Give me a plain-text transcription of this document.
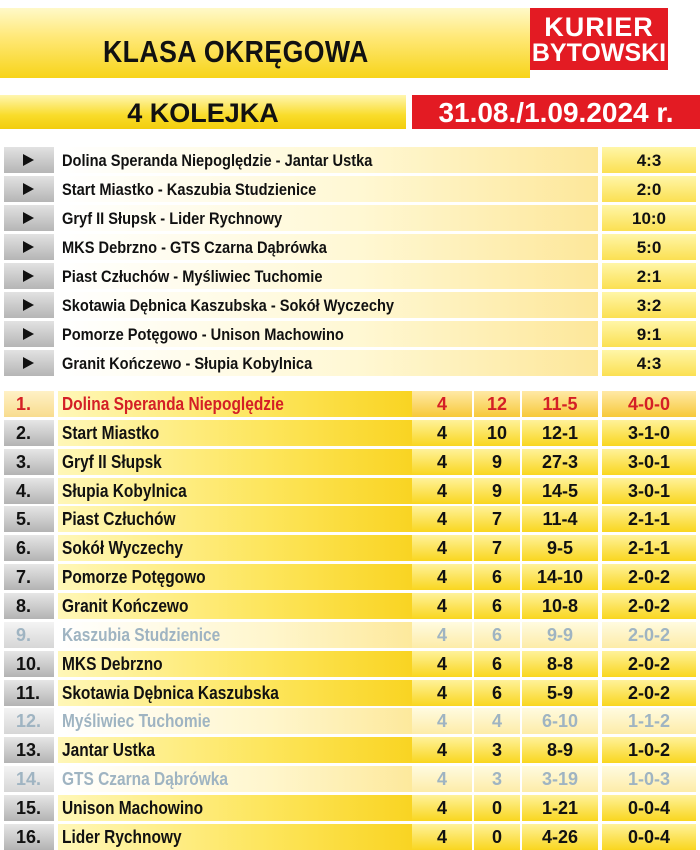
KLASA OKRĘGOWA
KURIER
BYTOWSKI
4 KOLEJKA	31.08./1.09.2024 r.
Dolina Speranda Niepoględzie - Jantar Ustka	4:3
Start Miastko - Kaszubia Studzienice	2:0
Gryf II Słupsk - Lider Rychnowy	10:0
MKS Debrzno - GTS Czarna Dąbrówka	5:0
Piast Człuchów - Myśliwiec Tuchomie	2:1
Skotawia Dębnica Kaszubska - Sokół Wyczechy	3:2
Pomorze Potęgowo - Unison Machowino	9:1
Granit Kończewo - Słupia Kobylnica	4:3
1. Dolina Speranda Niepoględzie	4	12	11-5	4-0-0
2. Start Miastko	4	10	12-1	3-1-0
3. Gryf II Słupsk	4	9	27-3	3-0-1
4. Słupia Kobylnica	4	9	14-5	3-0-1
5. Piast Człuchów	4	7	11-4	2-1-1
6. Sokół Wyczechy	4	7	9-5	2-1-1
7. Pomorze Potęgowo	4	6	14-10	2-0-2
8. Granit Kończewo	4	6	10-8	2-0-2
9. Kaszubia Studzienice	4	6	9-9	2-0-2
10. MKS Debrzno	4	6	8-8	2-0-2
11. Skotawia Dębnica Kaszubska	4	6	5-9	2-0-2
12. Myśliwiec Tuchomie	4	4	6-10	1-1-2
13. Jantar Ustka	4	3	8-9	1-0-2
14. GTS Czarna Dąbrówka	4	3	3-19	1-0-3
15. Unison Machowino	4	0	1-21	0-0-4
16. Lider Rychnowy	4	0	4-26	0-0-4
